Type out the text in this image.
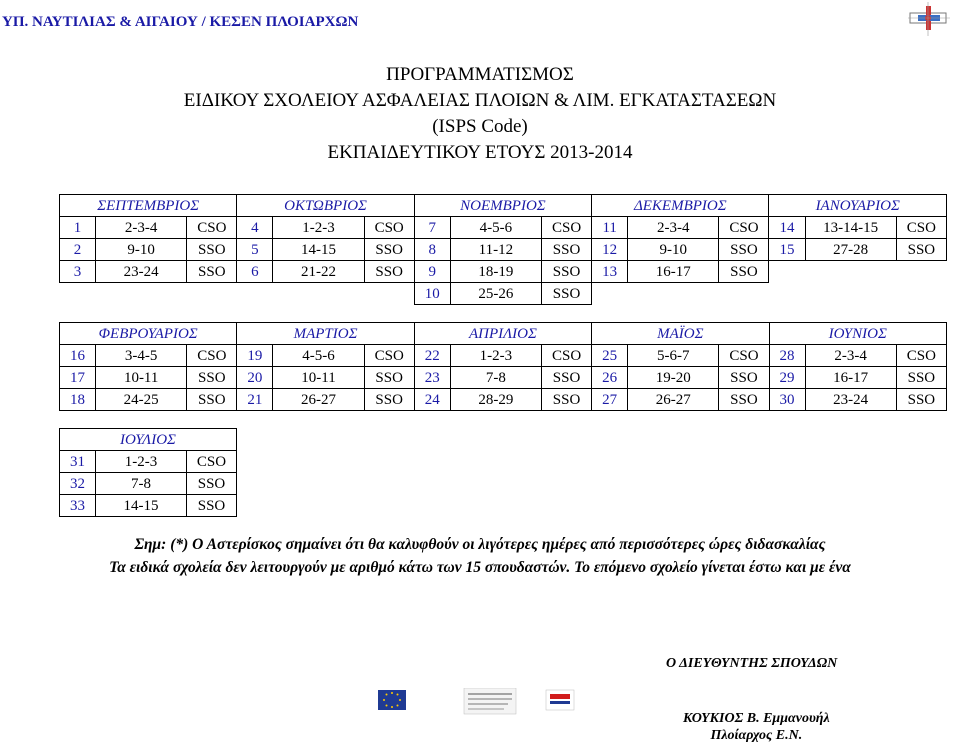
ΥΠ. ΝΑΥΤΙΛΙΑΣ & ΑΙΓΑΙΟΥ / ΚΕΣΕΝ ΠΛΟΙΑΡΧΩΝ
ΠΡΟΓΡΑΜΜΑΤΙΣΜΟΣ
ΕΙΔΙΚΟΥ ΣΧΟΛΕΙΟΥ ΑΣΦΑΛΕΙΑΣ ΠΛΟΙΩΝ & ΛΙΜ. ΕΓΚΑΤΑΣΤΑΣΕΩΝ
(ISPS Code)
ΕΚΠΑΙΔΕΥΤΙΚΟΥ ΕΤΟΥΣ 2013-2014
ΣΕΠΤΕΜΒΡΙΟΣ			ΟΚΤΩΒΡΙΟΣ			ΝΟΕΜΒΡΙΟΣ			ΔΕΚΕΜΒΡΙΟΣ			ΙΑΝΟΥΑΡΙΟΣ		
1	2-3-4	CSO	4	1-2-3	CSO	7	4-5-6	CSO	11	2-3-4	CSO	14	13-14-15	CSO
2	9-10	SSO	5	14-15	SSO	8	11-12	SSO	12	9-10	SSO	15	27-28	SSO
3	23-24	SSO	6	21-22	SSO	9	18-19	SSO	13	16-17	SSO			
						10	25-26	SSO						
ΦΕΒΡΟΥΑΡΙΟΣ			ΜΑΡΤΙΟΣ			ΑΠΡΙΛΙΟΣ			ΜΑΪΟΣ			ΙΟΥΝΙΟΣ		
16	3-4-5	CSO	19	4-5-6	CSO	22	1-2-3	CSO	25	5-6-7	CSO	28	2-3-4	CSO
17	10-11	SSO	20	10-11	SSO	23	7-8	SSO	26	19-20	SSO	29	16-17	SSO
18	24-25	SSO	21	26-27	SSO	24	28-29	SSO	27	26-27	SSO	30	23-24	SSO
ΙΟΥΛΙΟΣ		
31	1-2-3	CSO
32	7-8	SSO
33	14-15	SSO
Σημ: (*) Ο Αστερίσκος σημαίνει ότι θα καλυφθούν οι λιγότερες ημέρες από περισσότερες ώρες διδασκαλίας
Τα ειδικά σχολεία δεν λειτουργούν με αριθμό κάτω των 15 σπουδαστών. Το επόμενο σχολείο γίνεται έστω και με ένα
Ο ΔΙΕΥΘΥΝΤΗΣ ΣΠΟΥΔΩΝ
ΚΟΥΚΙΟΣ Β. Εμμανουήλ
Πλοίαρχος Ε.Ν.
